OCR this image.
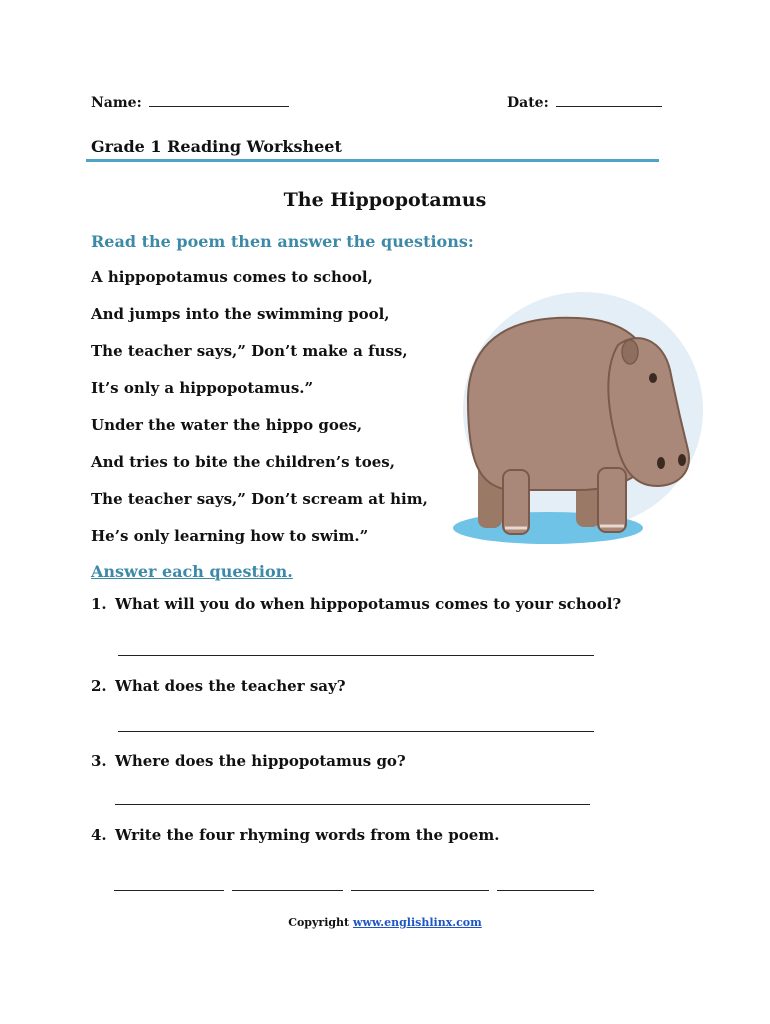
Name:	Date:
Grade 1 Reading Worksheet
The Hippopotamus
Read the poem then answer the questions:
A hippopotamus comes to school,
And jumps into the swimming pool,
The teacher says,” Don’t make a fuss,
It’s only a hippopotamus.”
Under the water the hippo goes,
And tries to bite the children’s toes,
The teacher says,” Don’t scream at him,
He’s only learning how to swim.”
Answer each question.
1. What will you do when hippopotamus comes to your school?
2. What does the teacher say?
3. Where does the hippopotamus go?
4. Write the four rhyming words from the poem.
Copyright www.englishlinx.com
